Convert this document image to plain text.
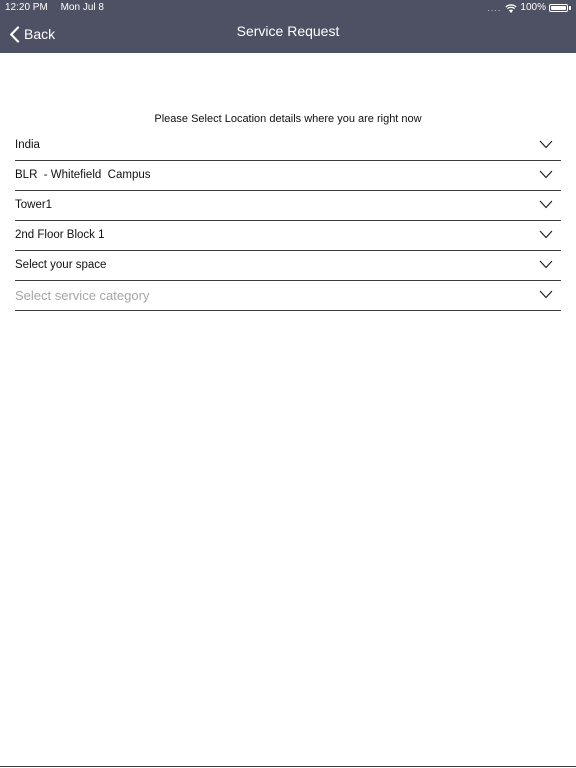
12:20 PM Mon Jul 8	.... 100%
Back	Service Request
Please Select Location details where you are right now
India
BLR  - Whitefield  Campus
Tower1
2nd Floor Block 1
Select your space
Select service category
